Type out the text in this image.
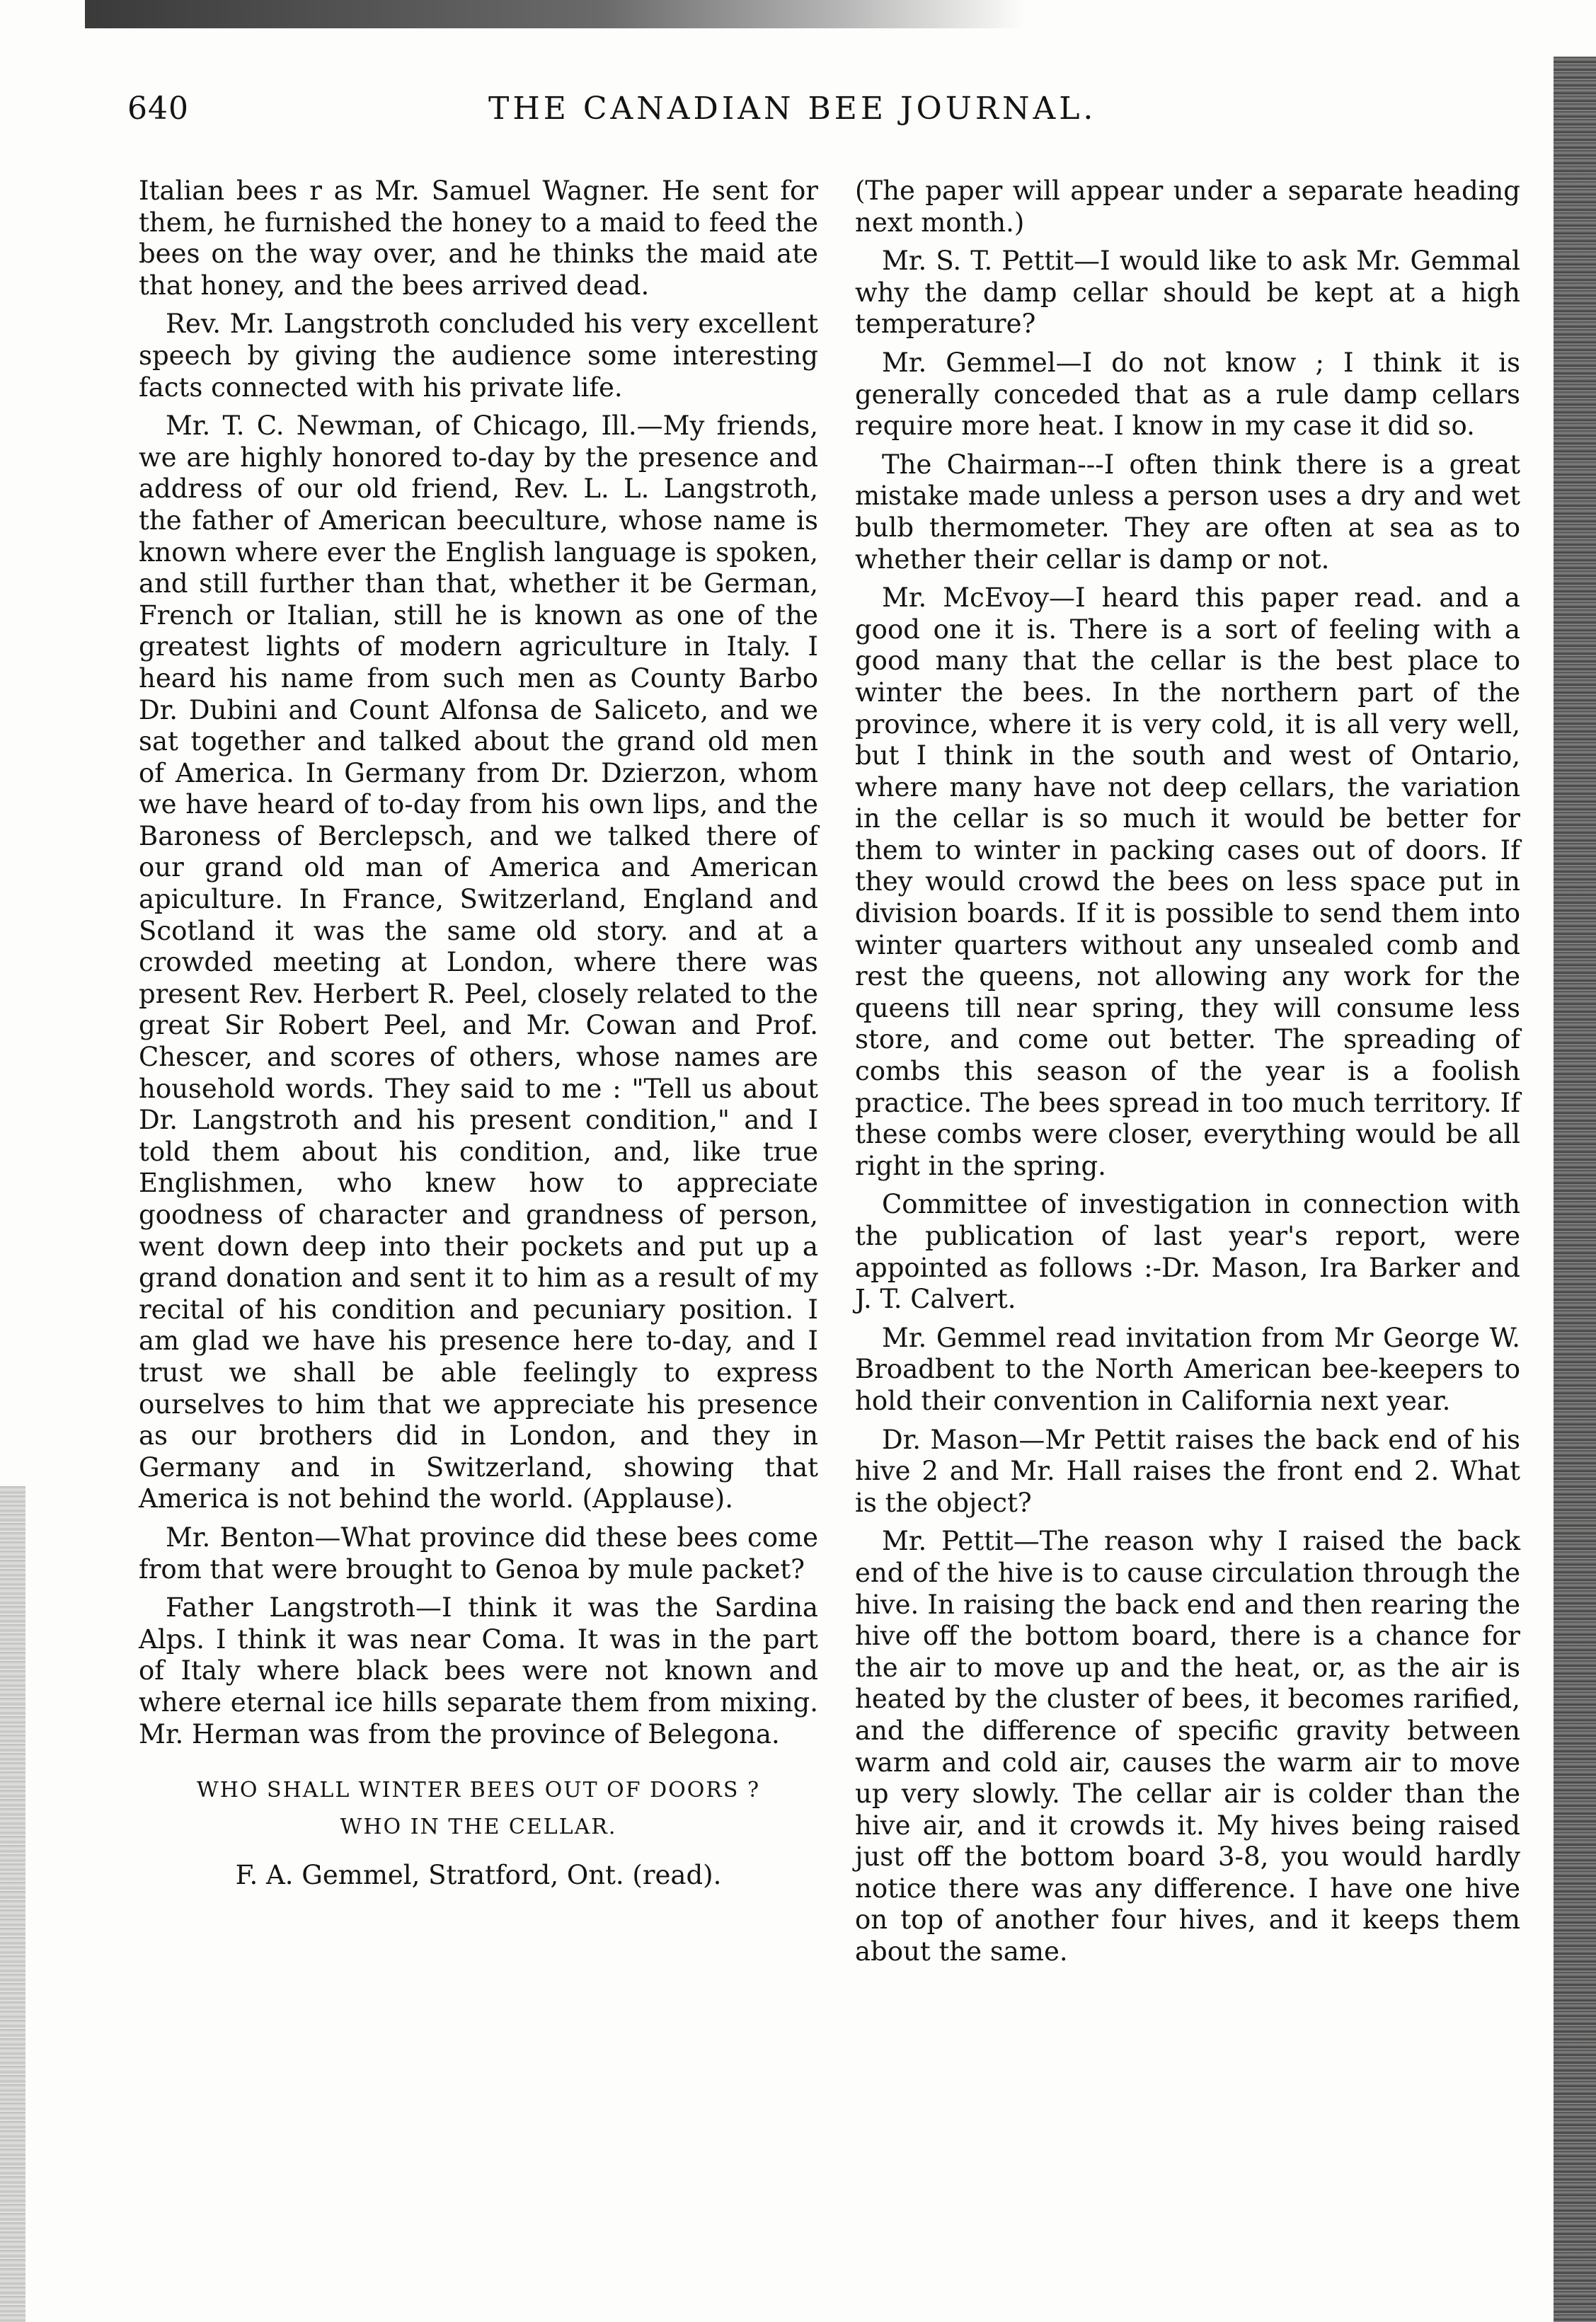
640	THE CANADIAN BEE JOURNAL.

Italian bees r as Mr. Samuel Wagner. He sent for them, he furnished the honey to a maid to feed the bees on the way over, and he thinks the maid ate that honey, and the bees arrived dead.

Rev. Mr. Langstroth concluded his very excellent speech by giving the audience some interesting facts connected with his private life.

Mr. T. C. Newman, of Chicago, Ill.—My friends, we are highly honored to-day by the presence and address of our old friend, Rev. L. L. Langstroth, the father of American beeculture, whose name is known where ever the English language is spoken, and still further than that, whether it be German, French or Italian, still he is known as one of the greatest lights of modern agriculture in Italy. I heard his name from such men as County Barbo Dr. Dubini and Count Alfonsa de Saliceto, and we sat together and talked about the grand old men of America. In Germany from Dr. Dzierzon, whom we have heard of to-day from his own lips, and the Baroness of Berclepsch, and we talked there of our grand old man of America and American apiculture. In France, Switzerland, England and Scotland it was the same old story. and at a crowded meeting at London, where there was present Rev. Herbert R. Peel, closely related to the great Sir Robert Peel, and Mr. Cowan and Prof. Chescer, and scores of others, whose names are household words. They said to me : "Tell us about Dr. Langstroth and his present condition," and I told them about his condition, and, like true Englishmen, who knew how to appreciate goodness of character and grandness of person, went down deep into their pockets and put up a grand donation and sent it to him as a result of my recital of his condition and pecuniary position. I am glad we have his presence here to-day, and I trust we shall be able feelingly to express ourselves to him that we appreciate his presence as our brothers did in London, and they in Germany and in Switzerland, showing that America is not behind the world. (Applause).

Mr. Benton—What province did these bees come from that were brought to Genoa by mule packet?

Father Langstroth—I think it was the Sardina Alps. I think it was near Coma. It was in the part of Italy where black bees were not known and where eternal ice hills separate them from mixing. Mr. Herman was from the province of Belegona.

WHO SHALL WINTER BEES OUT OF DOORS ?
WHO IN THE CELLAR.
F. A. Gemmel, Stratford, Ont. (read).

(The paper will appear under a separate heading next month.)

Mr. S. T. Pettit—I would like to ask Mr. Gemmal why the damp cellar should be kept at a high temperature?

Mr. Gemmel—I do not know ; I think it is generally conceded that as a rule damp cellars require more heat. I know in my case it did so.

The Chairman---I often think there is a great mistake made unless a person uses a dry and wet bulb thermometer. They are often at sea as to whether their cellar is damp or not.

Mr. McEvoy—I heard this paper read. and a good one it is. There is a sort of feeling with a good many that the cellar is the best place to winter the bees. In the northern part of the province, where it is very cold, it is all very well, but I think in the south and west of Ontario, where many have not deep cellars, the variation in the cellar is so much it would be better for them to winter in packing cases out of doors. If they would crowd the bees on less space put in division boards. If it is possible to send them into winter quarters without any unsealed comb and rest the queens, not allowing any work for the queens till near spring, they will consume less store, and come out better. The spreading of combs this season of the year is a foolish practice. The bees spread in too much territory. If these combs were closer, everything would be all right in the spring.

Committee of investigation in connection with the publication of last year's report, were appointed as follows :-Dr. Mason, Ira Barker and J. T. Calvert.

Mr. Gemmel read invitation from Mr George W. Broadbent to the North American bee-keepers to hold their convention in California next year.

Dr. Mason—Mr Pettit raises the back end of his hive 2 and Mr. Hall raises the front end 2. What is the object?

Mr. Pettit—The reason why I raised the back end of the hive is to cause circulation through the hive. In raising the back end and then rearing the hive off the bottom board, there is a chance for the air to move up and the heat, or, as the air is heated by the cluster of bees, it becomes rarified, and the difference of specific gravity between warm and cold air, causes the warm air to move up very slowly. The cellar air is colder than the hive air, and it crowds it. My hives being raised just off the bottom board 3-8, you would hardly notice there was any difference. I have one hive on top of another four hives, and it keeps them about the same.
